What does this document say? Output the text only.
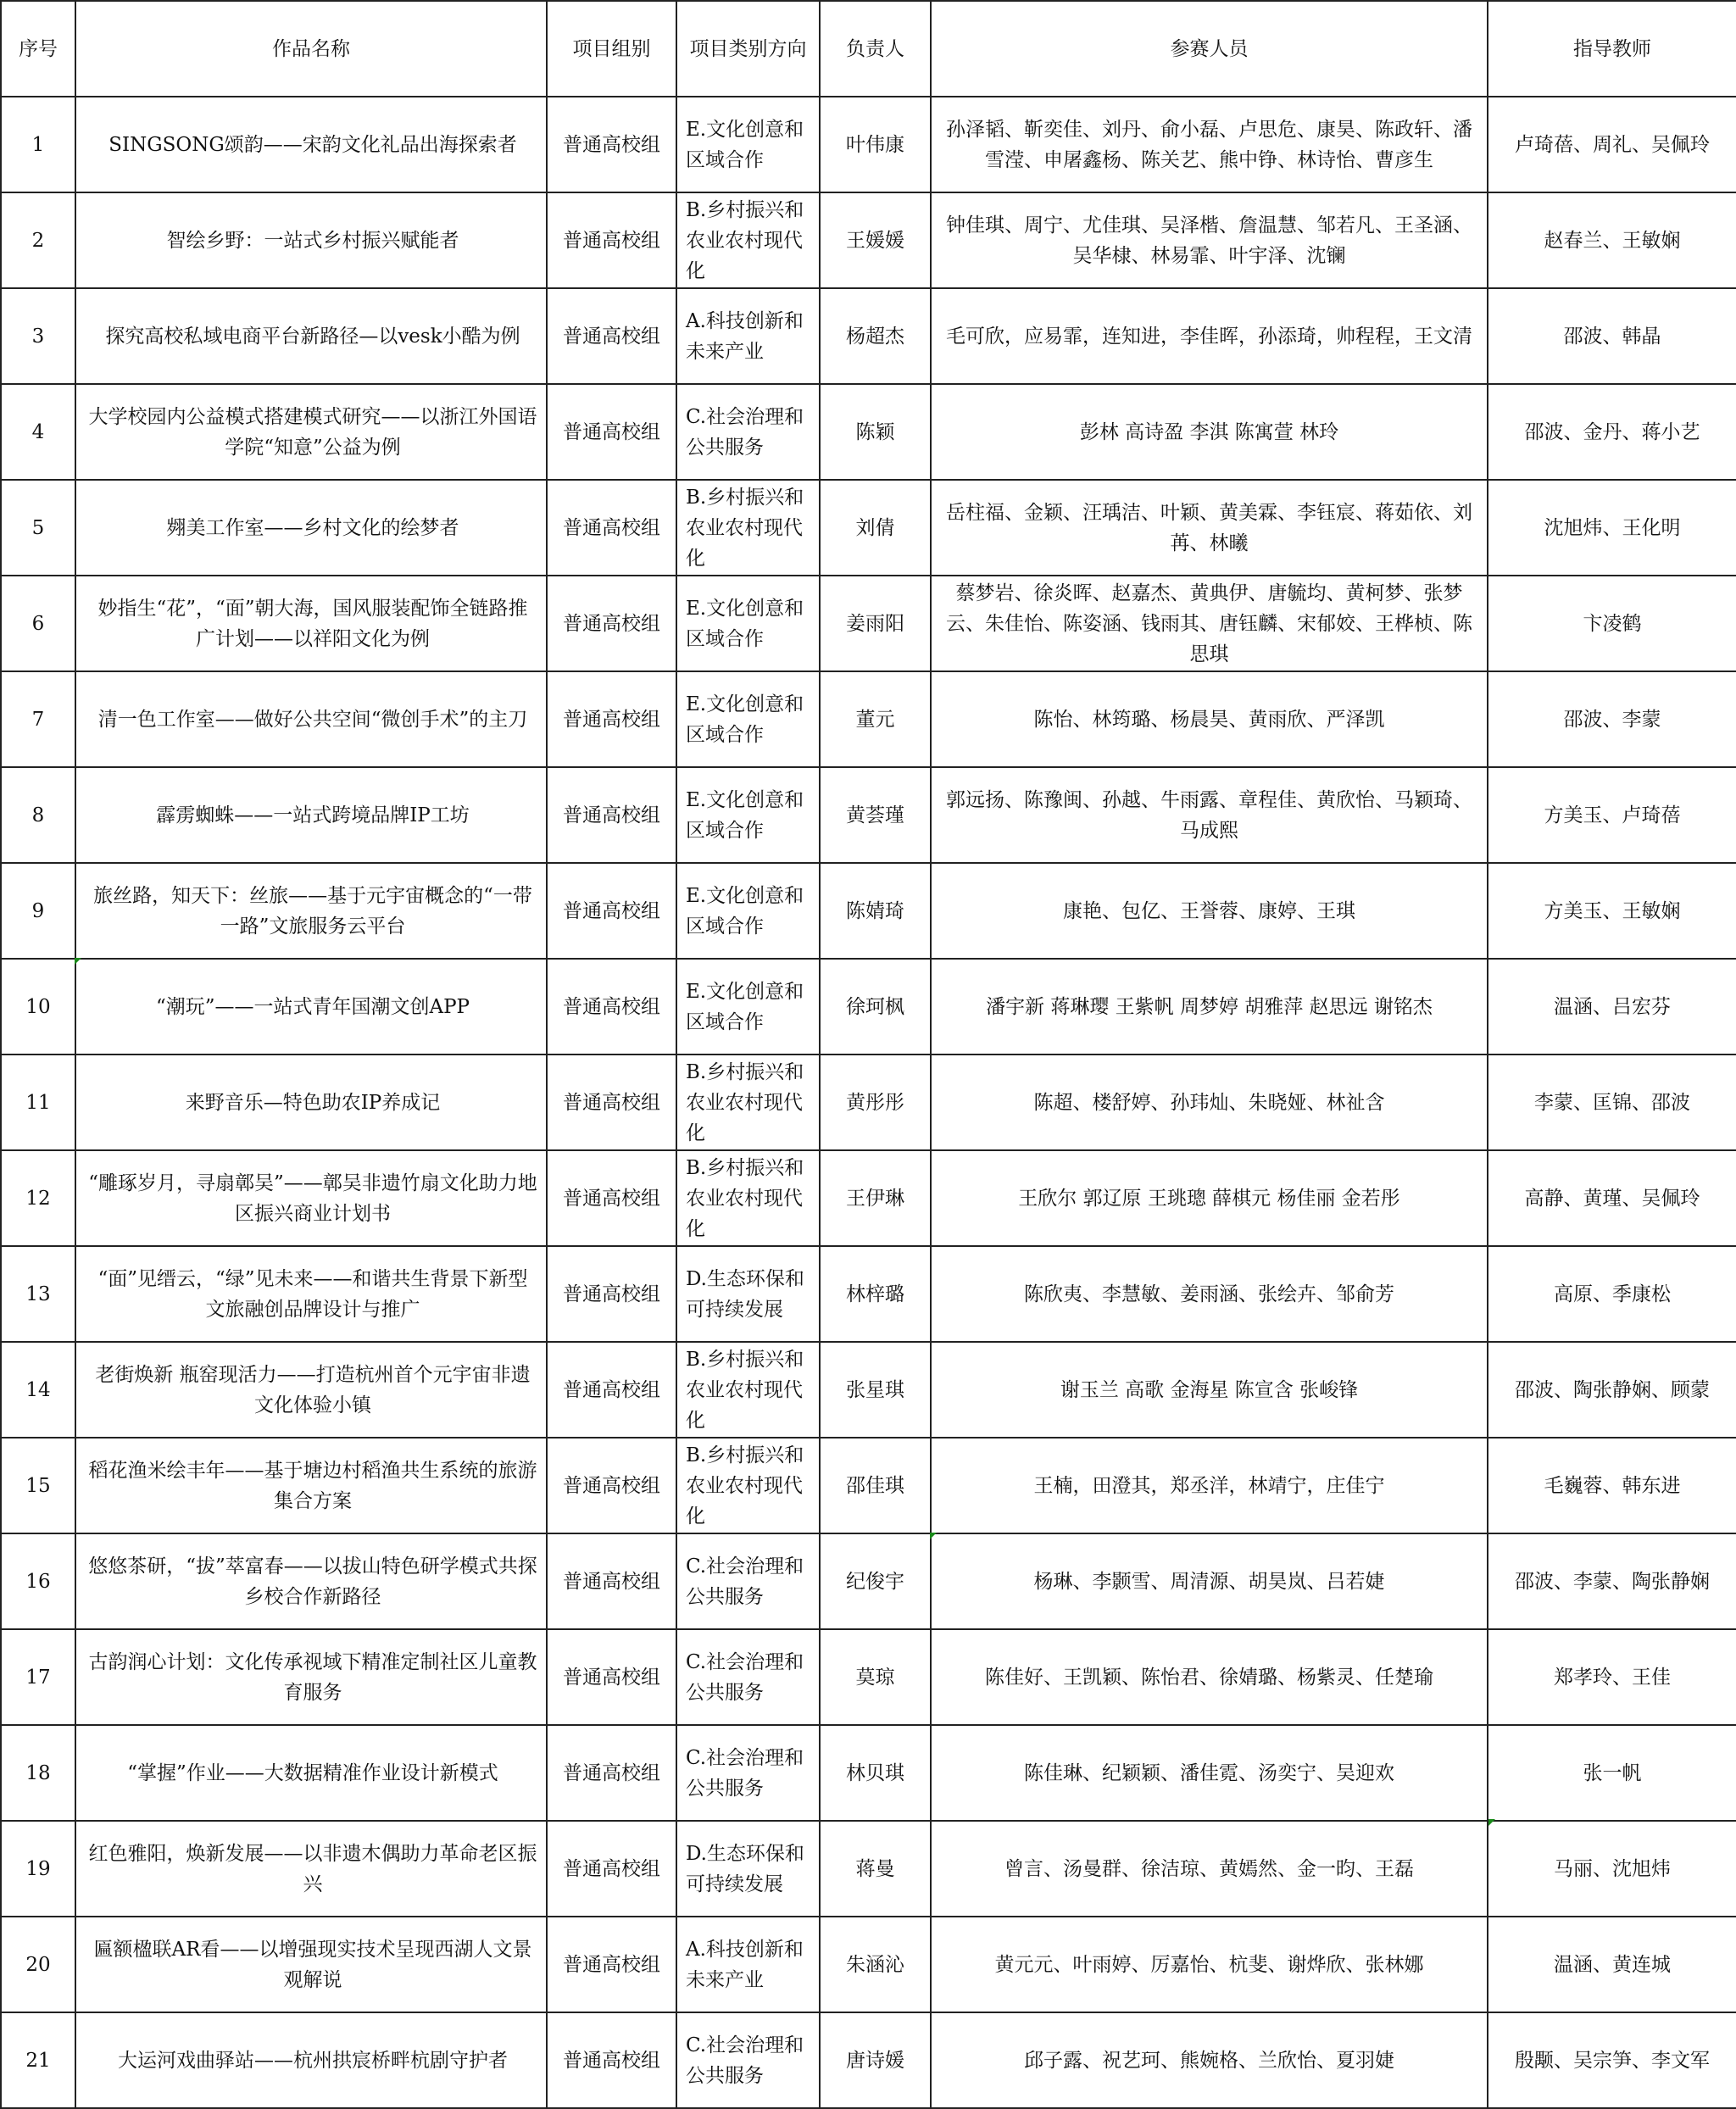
序号	作品名称	项目组别	项目类别方向	负责人	参赛人员	指导教师
1	SINGSONG颂韵——宋韵文化礼品出海探索者	普通高校组	E.文化创意和区域合作	叶伟康	孙泽韬、靳奕佳、刘丹、俞小磊、卢思危、康昊、陈政轩、潘雪滢、申屠鑫杨、陈关艺、熊中铮、林诗怡、曹彦生	卢琦蓓、周礼、吴佩玲
2	智绘乡野：一站式乡村振兴赋能者	普通高校组	B.乡村振兴和农业农村现代化	王媛媛	钟佳琪、周宁、尤佳琪、吴泽楷、詹温慧、邹若凡、王圣涵、吴华棣、林易霏、叶宇泽、沈镧	赵春兰、王敏娴
3	探究高校私域电商平台新路径—以vesk小酷为例	普通高校组	A.科技创新和未来产业	杨超杰	毛可欣，应易霏，连知进，李佳晖，孙添琦，帅程程，王文清	邵波、韩晶
4	大学校园内公益模式搭建模式研究——以浙江外国语学院“知意”公益为例	普通高校组	C.社会治理和公共服务	陈颖	彭林 高诗盈 李淇 陈寓萱 林玲	邵波、金丹、蒋小艺
5	翙美工作室——乡村文化的绘梦者	普通高校组	B.乡村振兴和农业农村现代化	刘倩	岳柱福、金颖、汪瑀洁、叶颖、黄美霖、李钰宸、蒋茹依、刘苒、林曦	沈旭炜、王化明
6	妙指生“花”，“面”朝大海，国风服装配饰全链路推广计划——以祥阳文化为例	普通高校组	E.文化创意和区域合作	姜雨阳	蔡梦岩、徐炎晖、赵嘉杰、黄典伊、唐毓均、黄柯梦、张梦云、朱佳怡、陈姿涵、钱雨其、唐钰麟、宋郁姣、王桦桢、陈思琪	卞凌鹤
7	清一色工作室——做好公共空间“微创手术”的主刀	普通高校组	E.文化创意和区域合作	董元	陈怡、林筠璐、杨晨昊、黄雨欣、严泽凯	邵波、李蒙
8	霹雳蜘蛛——一站式跨境品牌IP工坊	普通高校组	E.文化创意和区域合作	黄荟瑾	郭远扬、陈豫闽、孙越、牛雨露、章程佳、黄欣怡、马颖琦、马成熙	方美玉、卢琦蓓
9	旅丝路，知天下：丝旅——基于元宇宙概念的“一带一路”文旅服务云平台	普通高校组	E.文化创意和区域合作	陈婧琦	康艳、包亿、王誉蓉、康婷、王琪	方美玉、王敏娴
10	“潮玩”——一站式青年国潮文创APP	普通高校组	E.文化创意和区域合作	徐珂枫	潘宇新 蒋琳璎 王紫帆 周梦婷 胡雅萍 赵思远 谢铭杰	温涵、吕宏芬
11	来野音乐—特色助农IP养成记	普通高校组	B.乡村振兴和农业农村现代化	黄彤彤	陈超、楼舒婷、孙玮灿、朱晓娅、林祉含	李蒙、匡锦、邵波
12	“雕琢岁月，寻扇鄣吴”——鄣吴非遗竹扇文化助力地区振兴商业计划书	普通高校组	B.乡村振兴和农业农村现代化	王伊琳	王欣尔 郭辽原 王珧璁 薛棋元 杨佳丽 金若彤	高静、黄瑾、吴佩玲
13	“面”见缙云，“绿”见未来——和谐共生背景下新型文旅融创品牌设计与推广	普通高校组	D.生态环保和可持续发展	林梓璐	陈欣夷、李慧敏、姜雨涵、张绘卉、邹俞芳	高原、季康松
14	老街焕新 瓶窑现活力——打造杭州首个元宇宙非遗文化体验小镇	普通高校组	B.乡村振兴和农业农村现代化	张星琪	谢玉兰 高歌 金海星 陈宣含 张峻锋	邵波、陶张静娴、顾蒙
15	稻花渔米绘丰年——基于塘边村稻渔共生系统的旅游集合方案	普通高校组	B.乡村振兴和农业农村现代化	邵佳琪	王楠，田澄其，郑丞洋，林靖宁，庄佳宁	毛巍蓉、韩东进
16	悠悠茶研，“拔”萃富春——以拔山特色研学模式共探乡校合作新路径	普通高校组	C.社会治理和公共服务	纪俊宇	杨琳、李颢雪、周清源、胡昊岚、吕若婕	邵波、李蒙、陶张静娴
17	古韵润心计划：文化传承视域下精准定制社区儿童教育服务	普通高校组	C.社会治理和公共服务	莫琼	陈佳好、王凯颖、陈怡君、徐婧璐、杨紫灵、任楚瑜	郑孝玲、王佳
18	“掌握”作业——大数据精准作业设计新模式	普通高校组	C.社会治理和公共服务	林贝琪	陈佳琳、纪颖颖、潘佳霓、汤奕宁、吴迎欢	张一帆
19	红色雅阳，焕新发展——以非遗木偶助力革命老区振兴	普通高校组	D.生态环保和可持续发展	蒋曼	曾言、汤曼群、徐洁琼、黄嫣然、金一昀、王磊	马丽、沈旭炜
20	匾额楹联AR看——以增强现实技术呈现西湖人文景观解说	普通高校组	A.科技创新和未来产业	朱涵沁	黄元元、叶雨婷、厉嘉怡、杭斐、谢烨欣、张林娜	温涵、黄连城
21	大运河戏曲驿站——杭州拱宸桥畔杭剧守护者	普通高校组	C.社会治理和公共服务	唐诗媛	邱子露、祝艺珂、熊婉格、兰欣怡、夏羽婕	殷颙、吴宗笋、李文军
